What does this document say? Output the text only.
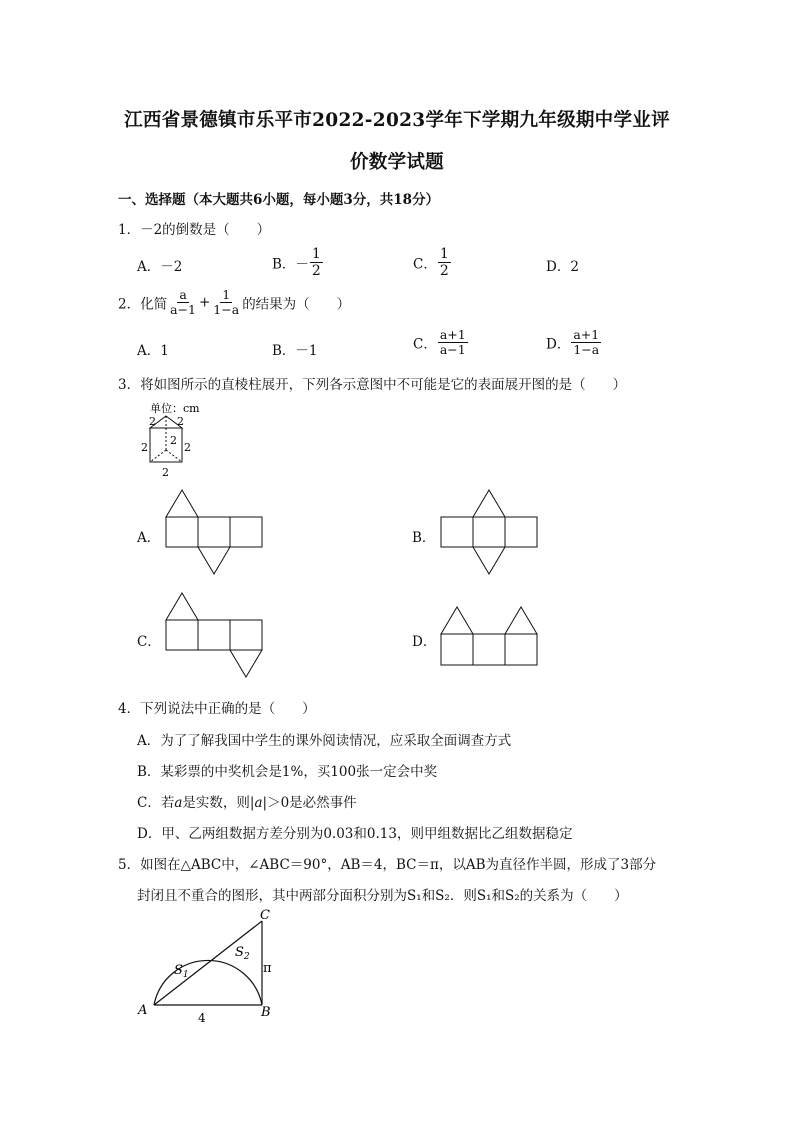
江西省景德镇市乐平市2022-2023学年下学期九年级期中学业评
价数学试题
一、选择题（本大题共6小题，每小题3分，共18分）
1．－2的倒数是（　　）
A．－2	B．－ $\frac{1}{2}$	C． $\frac{1}{2}$	D．2
2．化简 $\frac{a}{a-1} + \frac{1}{1-a}$ 的结果为（　　）
A．1	B．－1	C． $\frac{a+1}{a-1}$	D． $\frac{a+1}{1-a}$
3．将如图所示的直棱柱展开，下列各示意图中不可能是它的表面展开图的是（　　）
单位：cm
2 2
2
2	2
2
A．	B．
C．	D．
4．下列说法中正确的是（　　）
A．为了了解我国中学生的课外阅读情况，应采取全面调查方式
B．某彩票的中奖机会是1%，买100张一定会中奖
C．若a是实数，则|a|＞0是必然事件
D．甲、乙两组数据方差分别为0.03和0.13，则甲组数据比乙组数据稳定
5．如图在△ABC中，∠ABC＝90°，AB＝4，BC＝π，以AB为直径作半圆，形成了3部分
封闭且不重合的图形，其中两部分面积分别为S₁和S₂．则S₁和S₂的关系为（　　）
A	B
C
$S_1$
$S_2$
π
4
